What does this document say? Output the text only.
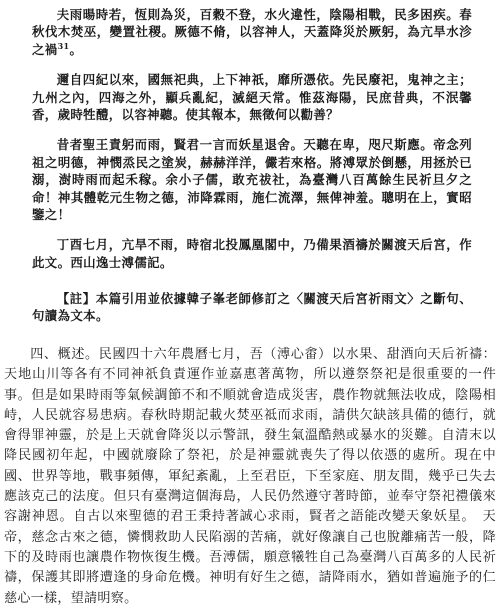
夫雨暘時若，恆則為災，百穀不登，水火違性，陰陽相戰，民多困疾。春秋伐木焚巫，變置社稷。厥德不脩，以容神人，天蓋降災於厥躬，為亢旱水沴之禍$^{31}$。
邇自四紀以來，國無祀典，上下神祇，靡所憑依。先民廢祀，鬼神之主；九州之內，四海之外，顯兵亂紀，滅絕天常。惟茲海陽，民庶昔典，不泯馨香，歲時牲醴，以容神聽。使其報本，無徵何以勸善？
昔者聖王責躬而雨，賢君一言而妖星退舍。天聽在卑，咫尺斯應。帝念列祖之明德，神憫烝民之塗炭，赫赫洋洋，儼若來格。將溥眾於倒懸，用拯於已溺，澍時雨而起禾稼。余小子儒，敢充祓社，為臺灣八百萬餘生民祈旦夕之命！神其體乾元生物之德，沛降霖雨，施仁流澤，無俾神羞。聰明在上，實昭鑒之！
丁酉七月，亢旱不雨，時宿北投鳳凰閣中，乃備果酒禱於關渡天后宮，作此文。西山逸士溥儒記。
【註】本篇引用並依據韓子峯老師修訂之〈關渡天后宮祈雨文〉之斷句、句讀為文本。
四、概述。民國四十六年農曆七月，吾（溥心畬）以水果、甜酒向天后祈禱：天地山川等各有不同神祇負責運作並嘉惠著萬物，所以遵祭祭祀是很重要的一件事。但是如果時雨等氣候調節不和不順就會造成災害，農作物就無法收成，陰陽相峙，人民就容易患病。春秋時期記載火焚巫祗而求雨，請供欠缺該具備的德行，就會得罪神靈，於是上天就會降災以示警訊，發生氣溫酷熱或暴水的災難。自清末以降民國初年起，中國就廢除了祭祀，於是神靈就喪失了得以依憑的處所。現在中國、世界等地，戰事頻傳，軍紀紊亂，上至君臣，下至家庭、朋友間，幾乎已失去應該克己的法度。但只有臺灣這個海島，人民仍然遵守著時節，並奉守祭祀禮儀來容謝神恩。自古以來聖德的君王秉持著誠心求雨，賢者之語能改變天象妖星。　天帝，慈念古來之德，憐憫救助人民陷溺的苦痛，就好像讓自己也脫離痛苦一般，降下的及時雨也讓農作物恢復生機。吾溥儒，願意犧牲自己為臺灣八百萬多的人民祈禱，保護其即將遭逢的身命危機。神明有好生之德，請降雨水，猶如普遍施予的仁慈心一樣，望請明察。
